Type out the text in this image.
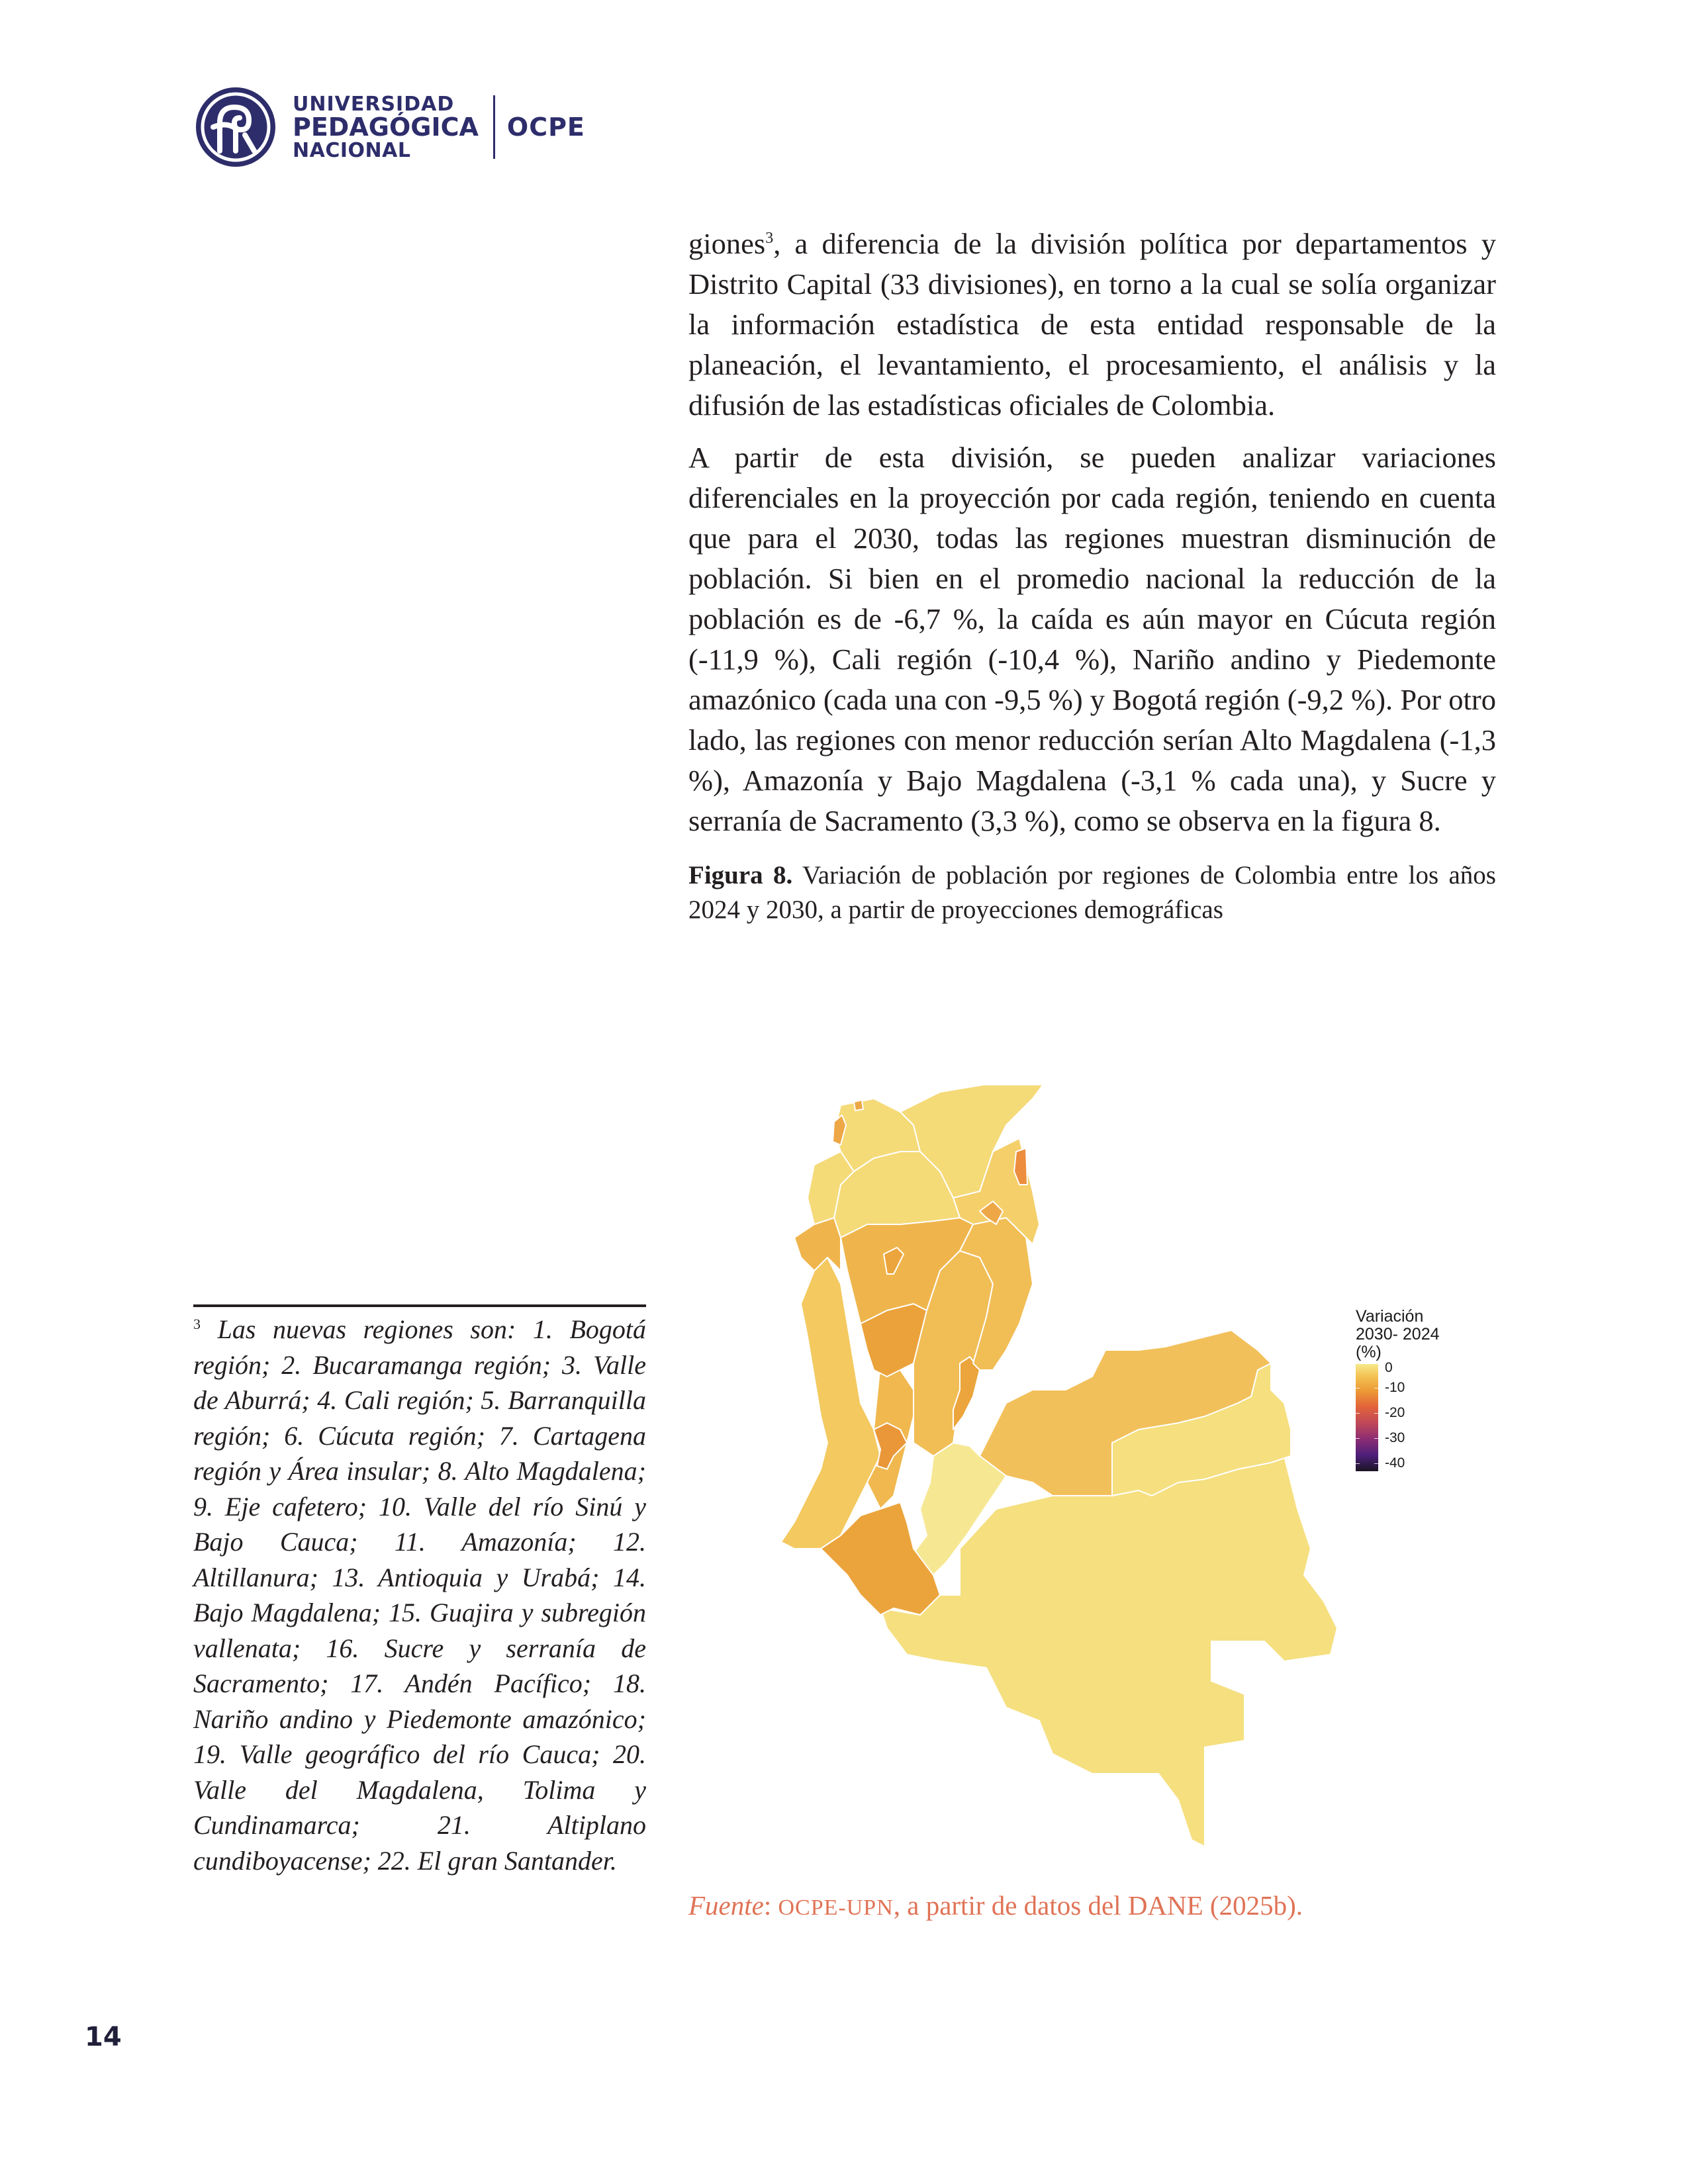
UNIVERSIDAD
PEDAGÓGICA
NACIONAL
OCPE

giones$^3$, a diferencia de la división política por departamentos y Distrito Capital (33 divisiones), en torno a la cual se solía organizar la información estadística de esta entidad responsable de la planeación, el levantamiento, el procesamiento, el análisis y la difusión de las estadísticas oficiales de Colombia.

A partir de esta división, se pueden analizar variaciones diferenciales en la proyección por cada región, teniendo en cuenta que para el 2030, todas las regiones muestran disminución de población. Si bien en el promedio nacional la reducción de la población es de -6,7 %, la caída es aún mayor en Cúcuta región (-11,9 %), Cali región (-10,4 %), Nariño andino y Piedemonte amazónico (cada una con -9,5 %) y Bogotá región (-9,2 %). Por otro lado, las regiones con menor reducción serían Alto Magdalena (-1,3 %), Amazonía y Bajo Magdalena (-3,1 % cada una), y Sucre y serranía de Sacramento (3,3 %), como se observa en la figura 8.

Figura 8. Variación de población por regiones de Colombia entre los años 2024 y 2030, a partir de proyecciones demográficas
Variación
2030- 2024
(%)
0
-10
-20
-30
-40
$^3$ Las nuevas regiones son: 1. Bogotá región; 2. Bucaramanga región; 3. Valle de Aburrá; 4. Cali región; 5. Barranquilla región; 6. Cúcuta región; 7. Cartagena región y Área insular; 8. Alto Magdalena; 9. Eje cafetero; 10. Valle del río Sinú y Bajo Cauca; 11. Amazonía; 12. Altillanura; 13. Antioquia y Urabá; 14. Bajo Magdalena; 15. Guajira y subregión vallenata; 16. Sucre y serranía de Sacramento; 17. Andén Pacífico; 18. Nariño andino y Piedemonte amazónico; 19. Valle geográfico del río Cauca; 20. Valle del Magdalena, Tolima y Cundinamarca; 21. Altiplano cundiboyacense; 22. El gran Santander.
Fuente: OCPE-UPN, a partir de datos del DANE (2025b).
14
